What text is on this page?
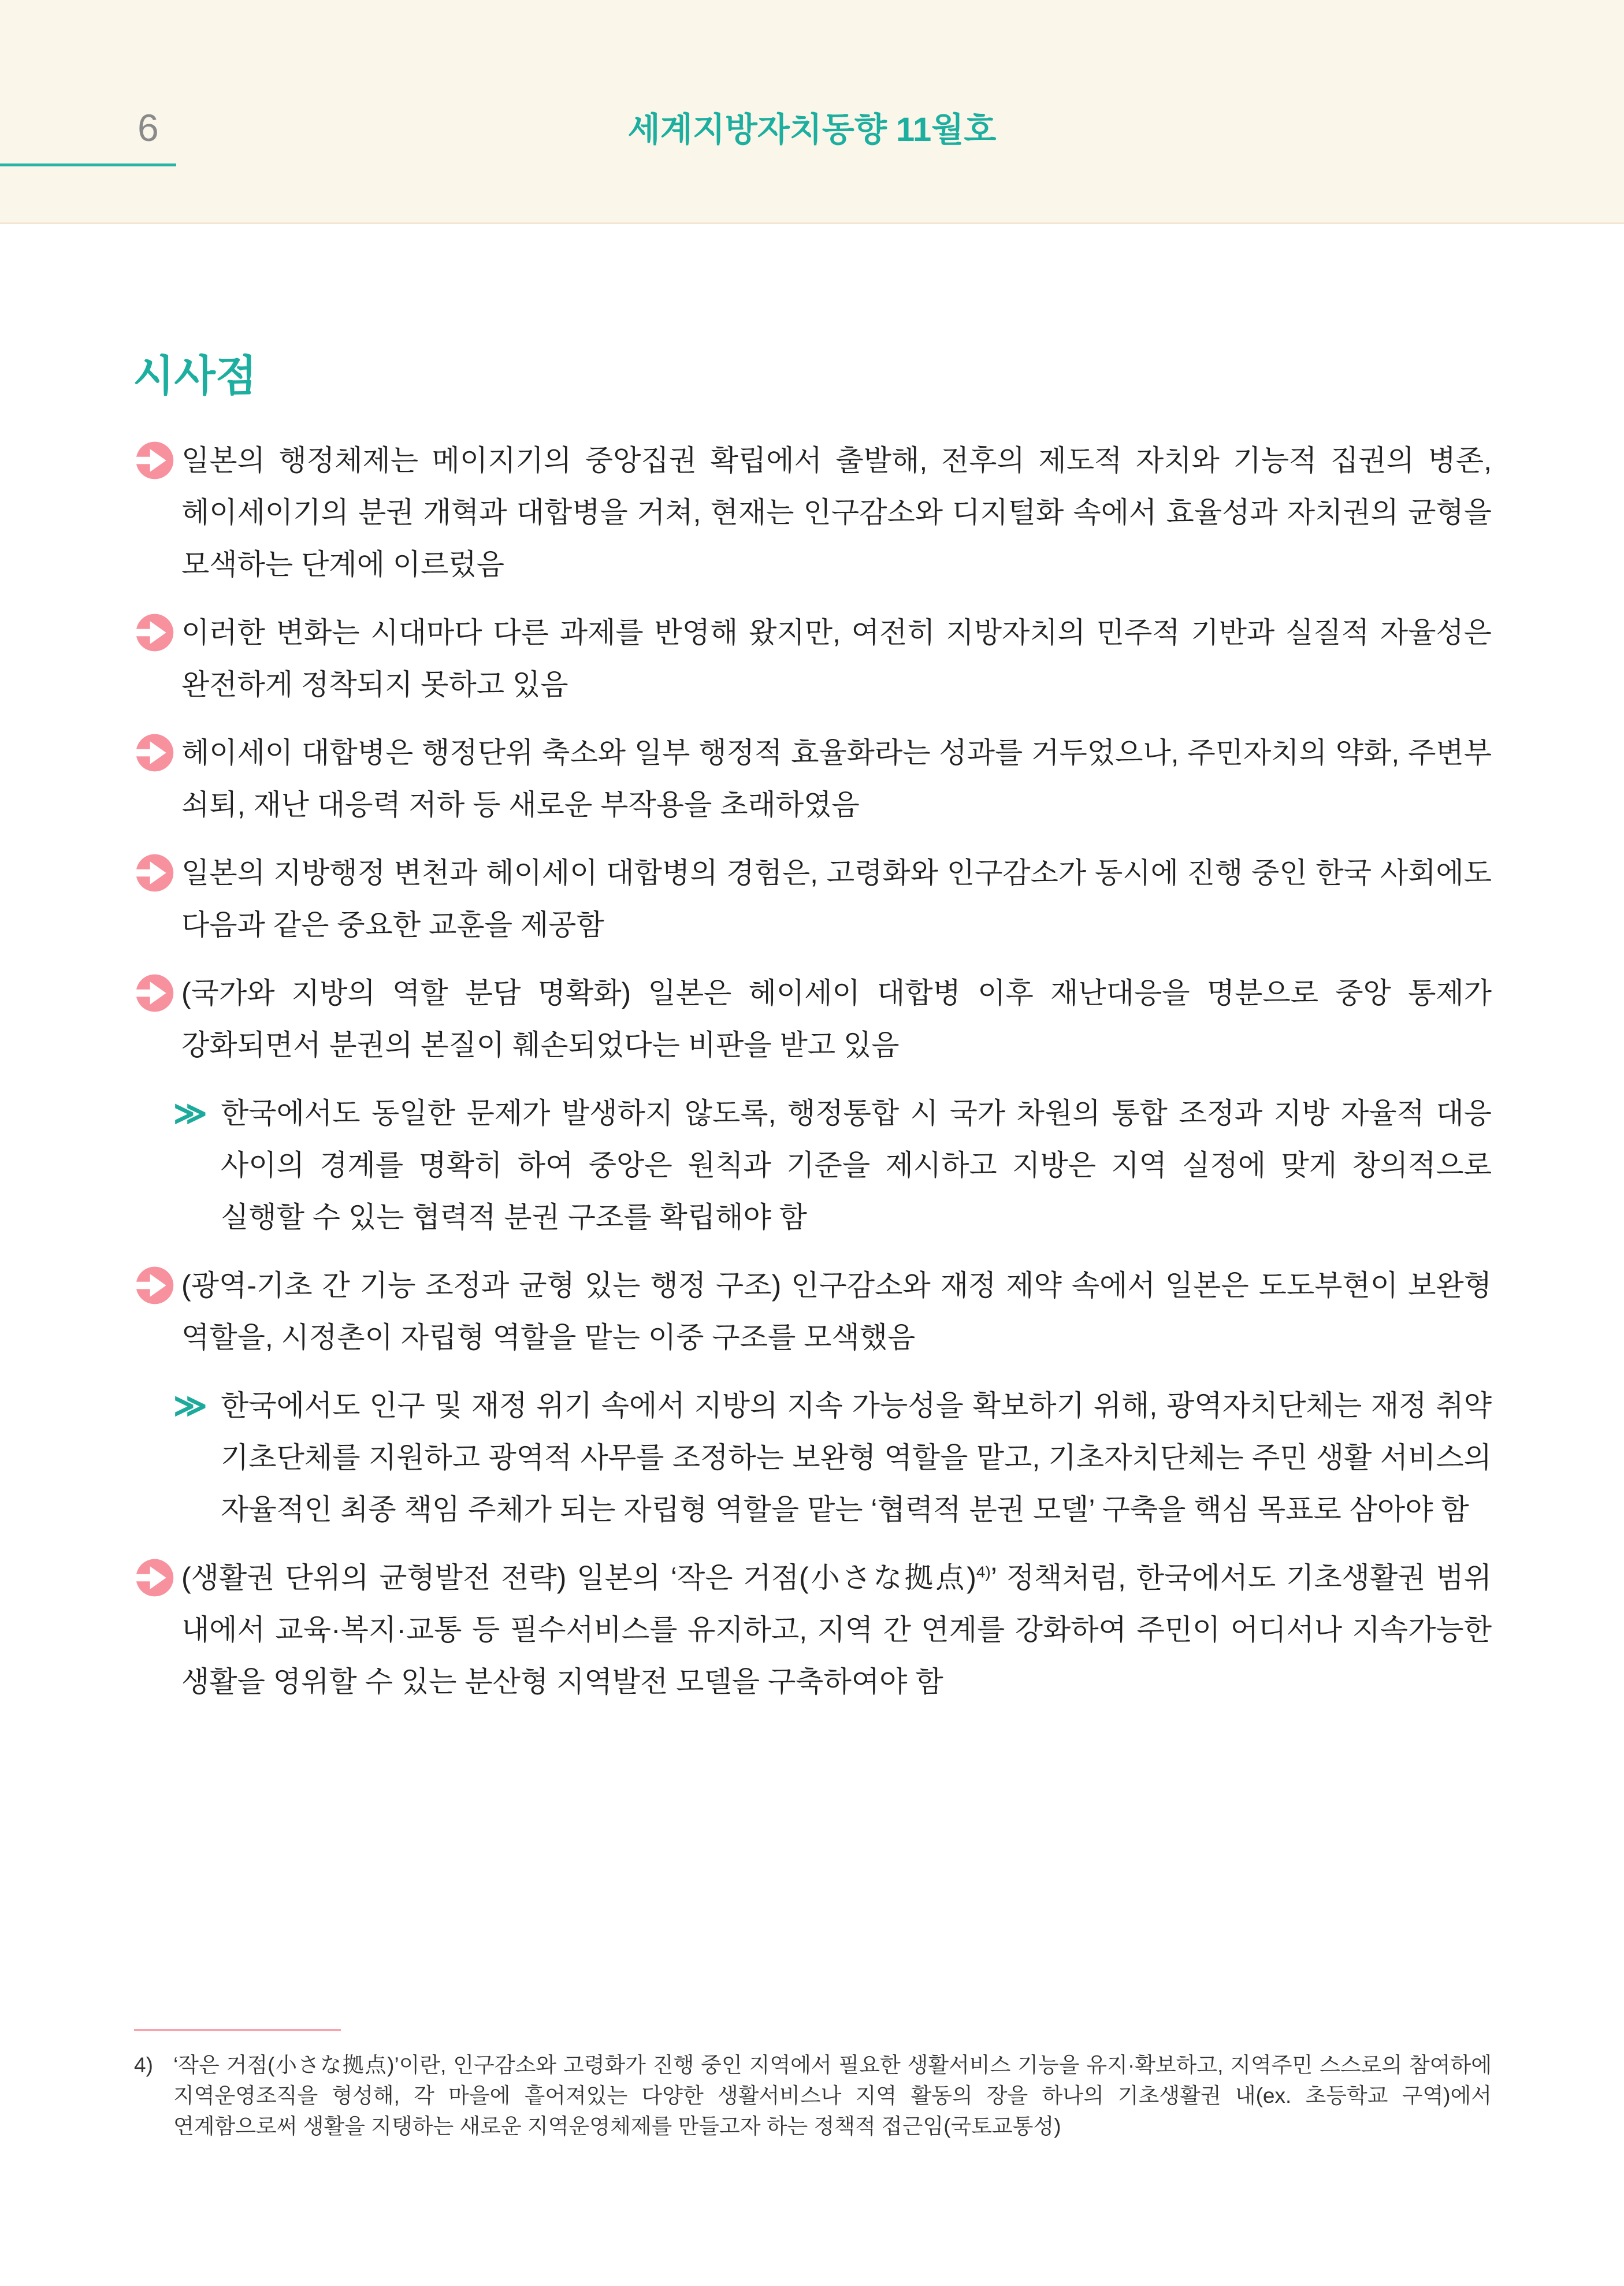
6	세계지방자치동향 11월호
시사점

일본의 행정체제는 메이지기의 중앙집권 확립에서 출발해, 전후의 제도적 자치와 기능적 집권의 병존, 헤이세이기의 분권 개혁과 대합병을 거쳐, 현재는 인구감소와 디지털화 속에서 효율성과 자치권의 균형을 모색하는 단계에 이르렀음

이러한 변화는 시대마다 다른 과제를 반영해 왔지만, 여전히 지방자치의 민주적 기반과 실질적 자율성은 완전하게 정착되지 못하고 있음

헤이세이 대합병은 행정단위 축소와 일부 행정적 효율화라는 성과를 거두었으나, 주민자치의 약화, 주변부 쇠퇴, 재난 대응력 저하 등 새로운 부작용을 초래하였음

일본의 지방행정 변천과 헤이세이 대합병의 경험은, 고령화와 인구감소가 동시에 진행 중인 한국 사회에도 다음과 같은 중요한 교훈을 제공함

(국가와 지방의 역할 분담 명확화) 일본은 헤이세이 대합병 이후 재난대응을 명분으로 중앙 통제가 강화되면서 분권의 본질이 훼손되었다는 비판을 받고 있음

≫ 한국에서도 동일한 문제가 발생하지 않도록, 행정통합 시 국가 차원의 통합 조정과 지방 자율적 대응 사이의 경계를 명확히 하여 중앙은 원칙과 기준을 제시하고 지방은 지역 실정에 맞게 창의적으로 실행할 수 있는 협력적 분권 구조를 확립해야 함

(광역-기초 간 기능 조정과 균형 있는 행정 구조) 인구감소와 재정 제약 속에서 일본은 도도부현이 보완형 역할을, 시정촌이 자립형 역할을 맡는 이중 구조를 모색했음

≫ 한국에서도 인구 및 재정 위기 속에서 지방의 지속 가능성을 확보하기 위해, 광역자치단체는 재정 취약 기초단체를 지원하고 광역적 사무를 조정하는 보완형 역할을 맡고, 기초자치단체는 주민 생활 서비스의 자율적인 최종 책임 주체가 되는 자립형 역할을 맡는 ‘협력적 분권 모델’ 구축을 핵심 목표로 삼아야 함

(생활권 단위의 균형발전 전략) 일본의 ‘작은 거점(小さな拠点)$^{4)}$’ 정책처럼, 한국에서도 기초생활권 범위 내에서 교육·복지·교통 등 필수서비스를 유지하고, 지역 간 연계를 강화하여 주민이 어디서나 지속가능한 생활을 영위할 수 있는 분산형 지역발전 모델을 구축하여야 함

4) ‘작은 거점(小さな拠点)’이란, 인구감소와 고령화가 진행 중인 지역에서 필요한 생활서비스 기능을 유지·확보하고, 지역주민 스스로의 참여하에 지역운영조직을 형성해, 각 마을에 흩어져있는 다양한 생활서비스나 지역 활동의 장을 하나의 기초생활권 내(ex. 초등학교 구역)에서 연계함으로써 생활을 지탱하는 새로운 지역운영체제를 만들고자 하는 정책적 접근임(국토교통성)
